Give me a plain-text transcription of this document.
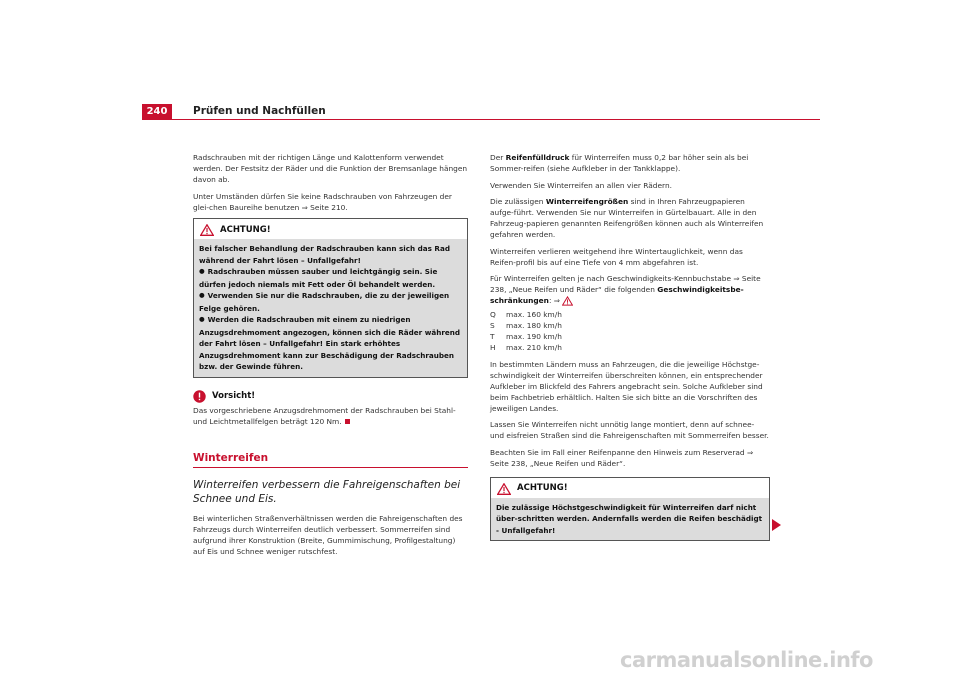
240	Prüfen und Nachfüllen

Radschrauben mit der richtigen Länge und Kalottenform verwendet werden. Der Festsitz der Räder und die Funktion der Bremsanlage hängen davon ab.

Unter Umständen dürfen Sie keine Radschrauben von Fahrzeugen der glei-chen Baureihe benutzen ⇒ Seite 210.

ACHTUNG!
Bei falscher Behandlung der Radschrauben kann sich das Rad während der Fahrt lösen – Unfallgefahr!
● Radschrauben müssen sauber und leichtgängig sein. Sie dürfen jedoch niemals mit Fett oder Öl behandelt werden.
● Verwenden Sie nur die Radschrauben, die zu der jeweiligen Felge gehören.
● Werden die Radschrauben mit einem zu niedrigen Anzugsdrehmoment angezogen, können sich die Räder während der Fahrt lösen – Unfallgefahr! Ein stark erhöhtes Anzugsdrehmoment kann zur Beschädigung der Radschrauben bzw. der Gewinde führen.
Vorsicht!

Das vorgeschriebene Anzugsdrehmoment der Radschrauben bei Stahl- und Leichtmetallfelgen beträgt 120 Nm.

Winterreifen
Winterreifen verbessern die Fahreigenschaften bei Schnee und Eis.

Bei winterlichen Straßenverhältnissen werden die Fahreigenschaften des Fahrzeugs durch Winterreifen deutlich verbessert. Sommerreifen sind aufgrund ihrer Konstruktion (Breite, Gummimischung, Profilgestaltung) auf Eis und Schnee weniger rutschfest.

Der Reifenfülldruck für Winterreifen muss 0,2 bar höher sein als bei Sommer-reifen (siehe Aufkleber in der Tankklappe).

Verwenden Sie Winterreifen an allen vier Rädern.

Die zulässigen Winterreifengrößen sind in Ihren Fahrzeugpapieren aufge-führt. Verwenden Sie nur Winterreifen in Gürtelbauart. Alle in den Fahrzeug-papieren genannten Reifengrößen können auch als Winterreifen gefahren werden.

Winterreifen verlieren weitgehend ihre Wintertauglichkeit, wenn das Reifen-profil bis auf eine Tiefe von 4 mm abgefahren ist.

Für Winterreifen gelten je nach Geschwindigkeits-Kennbuchstabe ⇒ Seite 238, „Neue Reifen und Räder“ die folgenden Geschwindigkeitsbe-schränkungen: ⇒

Q	max. 160 km/h
S	max. 180 km/h
T	max. 190 km/h
H	max. 210 km/h

In bestimmten Ländern muss an Fahrzeugen, die die jeweilige Höchstge-schwindigkeit der Winterreifen überschreiten können, ein entsprechender Aufkleber im Blickfeld des Fahrers angebracht sein. Solche Aufkleber sind beim Fachbetrieb erhältlich. Halten Sie sich bitte an die Vorschriften des jeweiligen Landes.

Lassen Sie Winterreifen nicht unnötig lange montiert, denn auf schnee- und eisfreien Straßen sind die Fahreigenschaften mit Sommerreifen besser.

Beachten Sie im Fall einer Reifenpanne den Hinweis zum Reserverad ⇒ Seite 238, „Neue Reifen und Räder“.

ACHTUNG!
Die zulässige Höchstgeschwindigkeit für Winterreifen darf nicht über-schritten werden. Andernfalls werden die Reifen beschädigt - Unfallgefahr!
carmanualsonline.info
